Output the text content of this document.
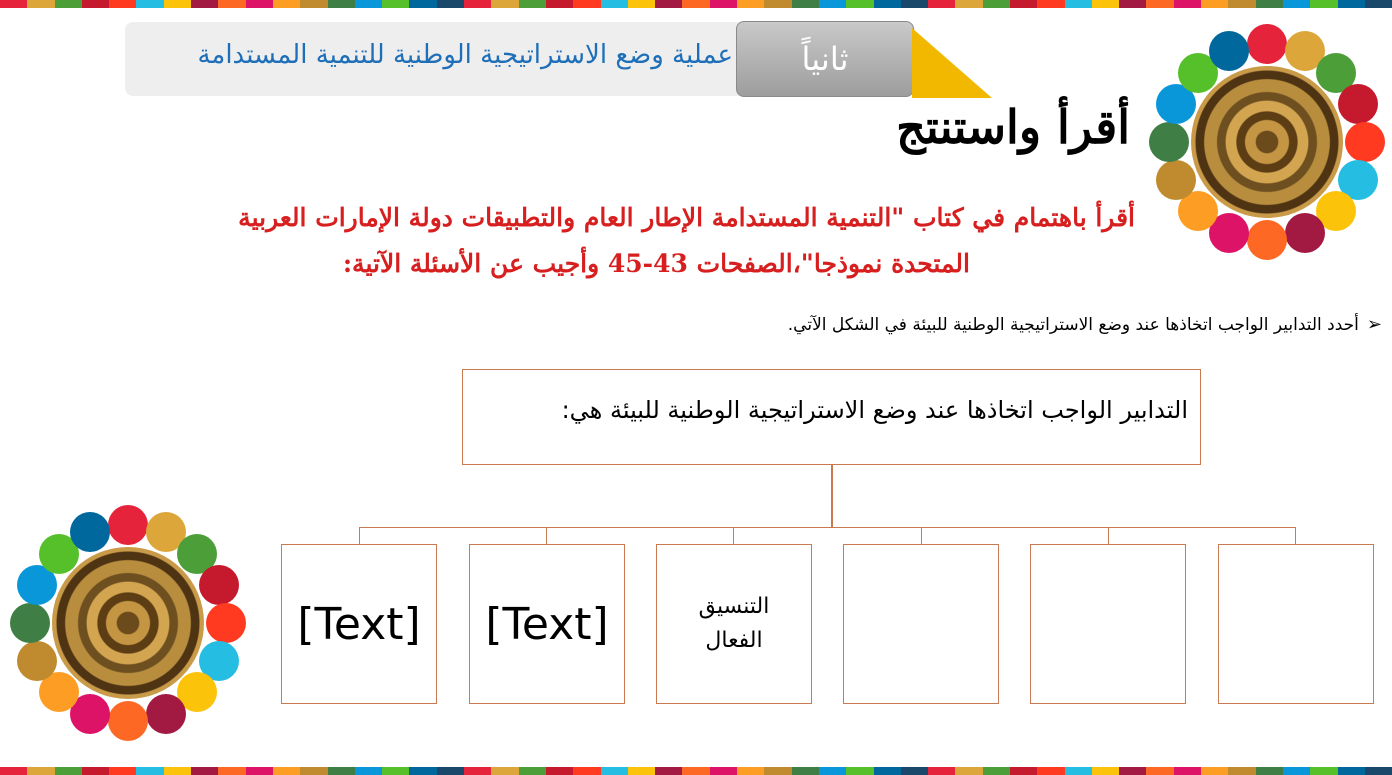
عملية وضع الاستراتيجية الوطنية للتنمية المستدامة	ثانياً
أقرأ واستنتج
أقرأ باهتمام في كتاب "التنمية المستدامة الإطار العام والتطبيقات دولة الإمارات العربية
المتحدة نموذجا"،الصفحات 43-45 وأجيب عن الأسئلة الآتية:
➢أحدد التدابير الواجب اتخاذها عند وضع الاستراتيجية الوطنية للبيئة في الشكل الآتي.
التدابير الواجب اتخاذها عند وضع الاستراتيجية الوطنية للبيئة هي:
[Text] [Text]	التنسيق الفعال
